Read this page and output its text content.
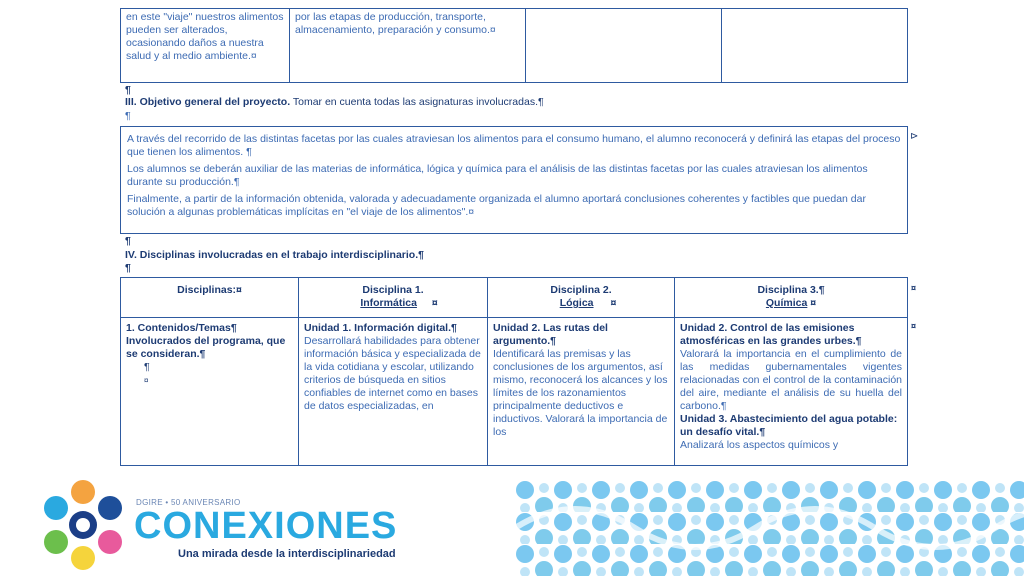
en este "viaje" nuestros alimentos pueden ser alterados, ocasionando daños a nuestra salud y al medio ambiente.¤
por las etapas de producción, transporte, almacenamiento, preparación y consumo.¤
¶
III. Objetivo general del proyecto. Tomar en cuenta todas las asignaturas involucradas.¶
¶
A través del recorrido de las distintas facetas por las cuales atraviesan los alimentos para el consumo humano, el alumno reconocerá y definirá las etapas del proceso que tienen los alimentos. ¶
Los alumnos se deberán auxiliar de las materias de informática, lógica y química para el análisis de las distintas facetas por las cuales atraviesan los alimentos durante su producción.¶
Finalmente, a partir de la información obtenida, valorada y adecuadamente organizada el alumno aportará conclusiones coherentes y factibles que puedan dar solución a algunas problemáticas implícitas en "el viaje de los alimentos".¤
⊳
¶
IV. Disciplinas involucradas en el trabajo interdisciplinario.¶
¶
Disciplinas:¤	Disciplina 1.
Informática ¤
Disciplina 2.
Lógica ¤
Disciplina 3.¶
Química ¤
¤
1. Contenidos/Temas¶ Involucrados del programa, que se consideran.¶
¶
¤
Unidad 1. Información digital.¶
Desarrollará habilidades para obtener información básica y especializada de la vida cotidiana y escolar, utilizando criterios de búsqueda en sitios confiables de internet como en bases de datos especializadas, en
Unidad 2. Las rutas del argumento.¶
Identificará las premisas y las conclusiones de los argumentos, así mismo, reconocerá los alcances y los límites de los razonamientos principalmente deductivos e inductivos. Valorará la importancia de los
Unidad 2. Control de las emisiones atmosféricas en las grandes urbes.¶
Valorará la importancia en el cumplimiento de las medidas gubernamentales vigentes relacionadas con el control de la contaminación del aire, mediante el análisis de su huella del carbono.¶
Unidad 3. Abastecimiento del agua potable: un desafío vital.¶
Analizará los aspectos químicos y
¤
DGIRE • 50 ANIVERSARIO
CONEXIONES
Una mirada desde la interdisciplinariedad
